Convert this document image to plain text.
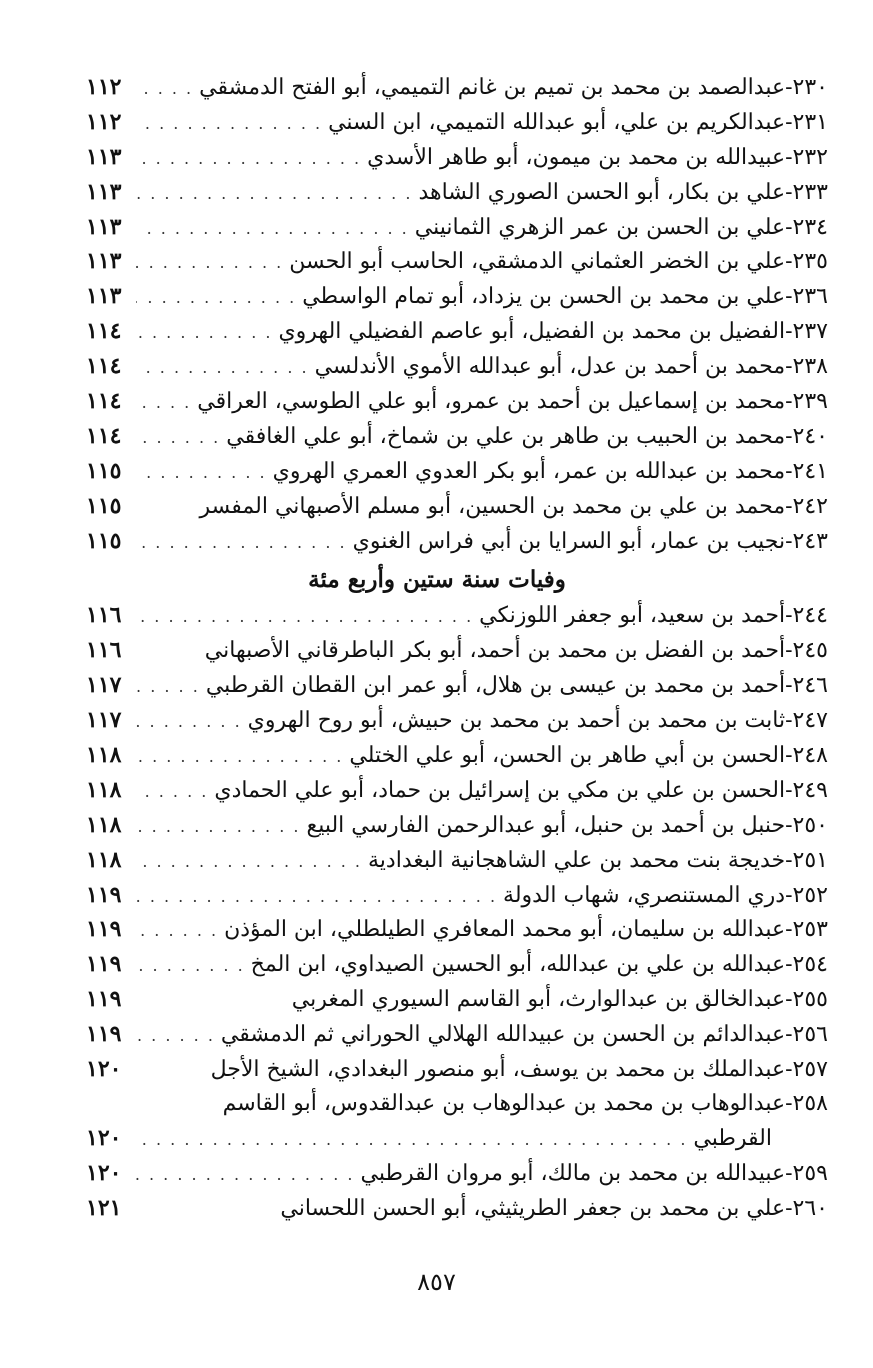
٢٣٠-
عبدالصمد بن محمد بن تميم بن غانم التميمي، أبو الفتح الدمشقي
. . .
١١٢
٢٣١-
عبدالكريم بن علي، أبو عبدالله التميمي، ابن السني
. . .
١١٢
٢٣٢-
عبيدالله بن محمد بن ميمون، أبو طاهر الأسدي
. . .
١١٣
٢٣٣-
علي بن بكار، أبو الحسن الصوري الشاهد
. . .
١١٣
٢٣٤-
علي بن الحسن بن عمر الزهري الثمانيني
. . .
١١٣
٢٣٥-
علي بن الخضر العثماني الدمشقي، الحاسب أبو الحسن
. . .
١١٣
٢٣٦-
علي بن محمد بن الحسن بن يزداد، أبو تمام الواسطي
. . .
١١٣
٢٣٧-
الفضيل بن محمد بن الفضيل، أبو عاصم الفضيلي الهروي
. . .
١١٤
٢٣٨-
محمد بن أحمد بن عدل، أبو عبدالله الأموي الأندلسي
. . .
١١٤
٢٣٩-
محمد بن إسماعيل بن أحمد بن عمرو، أبو علي الطوسي، العراقي
. . .
١١٤
٢٤٠-
محمد بن الحبيب بن طاهر بن علي بن شماخ، أبو علي الغافقي
. . .
١١٤
٢٤١-
محمد بن عبدالله بن عمر، أبو بكر العدوي العمري الهروي
. . .
١١٥
٢٤٢-
محمد بن علي بن محمد بن الحسين، أبو مسلم الأصبهاني المفسر
١١٥
٢٤٣-
نجيب بن عمار، أبو السرايا بن أبي فراس الغنوي
. . .
١١٥
وفيات سنة ستين وأربع مئة
٢٤٤-
أحمد بن سعيد، أبو جعفر اللوزنكي
. . .
١١٦
٢٤٥-
أحمد بن الفضل بن محمد بن أحمد، أبو بكر الباطرقاني الأصبهاني
١١٦
٢٤٦-
أحمد بن محمد بن عيسى بن هلال، أبو عمر ابن القطان القرطبي
. . .
١١٧
٢٤٧-
ثابت بن محمد بن أحمد بن محمد بن حبيش، أبو روح الهروي
. . .
١١٧
٢٤٨-
الحسن بن أبي طاهر بن الحسن، أبو علي الختلي
. . .
١١٨
٢٤٩-
الحسن بن علي بن مكي بن إسرائيل بن حماد، أبو علي الحمادي
. . .
١١٨
٢٥٠-
حنبل بن أحمد بن حنبل، أبو عبدالرحمن الفارسي البيع
. . .
١١٨
٢٥١-
خديجة بنت محمد بن علي الشاهجانية البغدادية
. . .
١١٨
٢٥٢-
دري المستنصري، شهاب الدولة
. . .
١١٩
٢٥٣-
عبدالله بن سليمان، أبو محمد المعافري الطيلطلي، ابن المؤذن
. . .
١١٩
٢٥٤-
عبدالله بن علي بن عبدالله، أبو الحسين الصيداوي، ابن المخ
. . .
١١٩
٢٥٥-
عبدالخالق بن عبدالوارث، أبو القاسم السيوري المغربي
١١٩
٢٥٦-
عبدالدائم بن الحسن بن عبيدالله الهلالي الحوراني ثم الدمشقي
. . .
١١٩
٢٥٧-
عبدالملك بن محمد بن يوسف، أبو منصور البغدادي، الشيخ الأجل
١٢٠
٢٥٨-
عبدالوهاب بن محمد بن عبدالوهاب بن عبدالقدوس، أبو القاسم
القرطبي
. . .
١٢٠
٢٥٩-
عبيدالله بن محمد بن مالك، أبو مروان القرطبي
. . .
١٢٠
٢٦٠-
علي بن محمد بن جعفر الطريثيثي، أبو الحسن اللحساني
١٢١
٨٥٧
